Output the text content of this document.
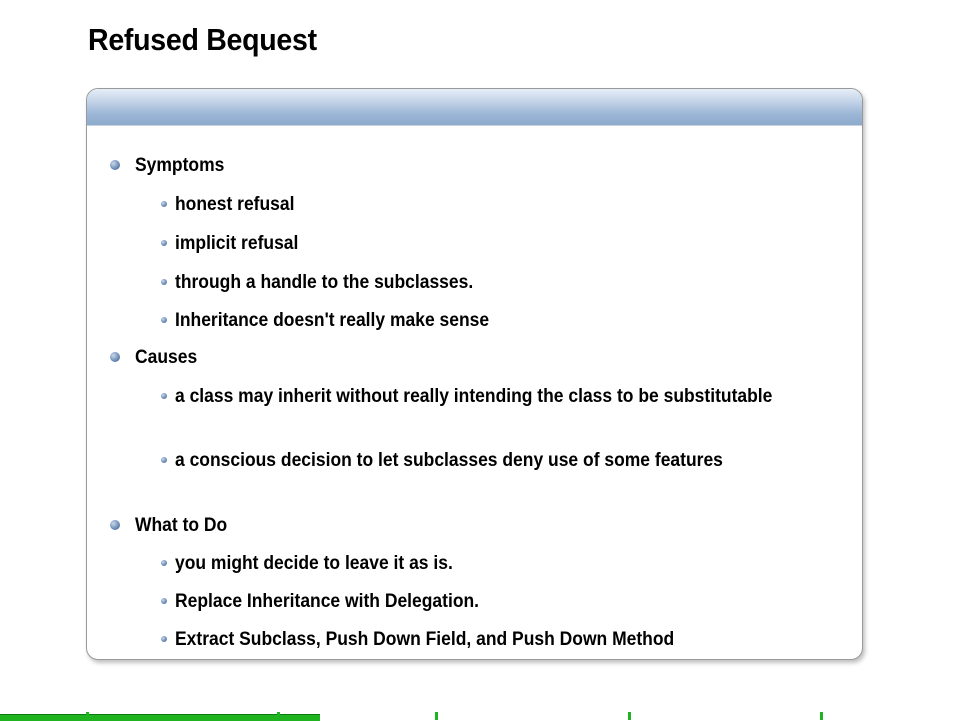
Refused Bequest
Symptoms
honest refusal
implicit refusal
through a handle to the subclasses.
Inheritance doesn't really make sense
Causes
a class may inherit without really intending the class to be substitutable
a conscious decision to let subclasses deny use of some features
What to Do
you might decide to leave it as is.
Replace Inheritance with Delegation.
Extract Subclass, Push Down Field, and Push Down Method
